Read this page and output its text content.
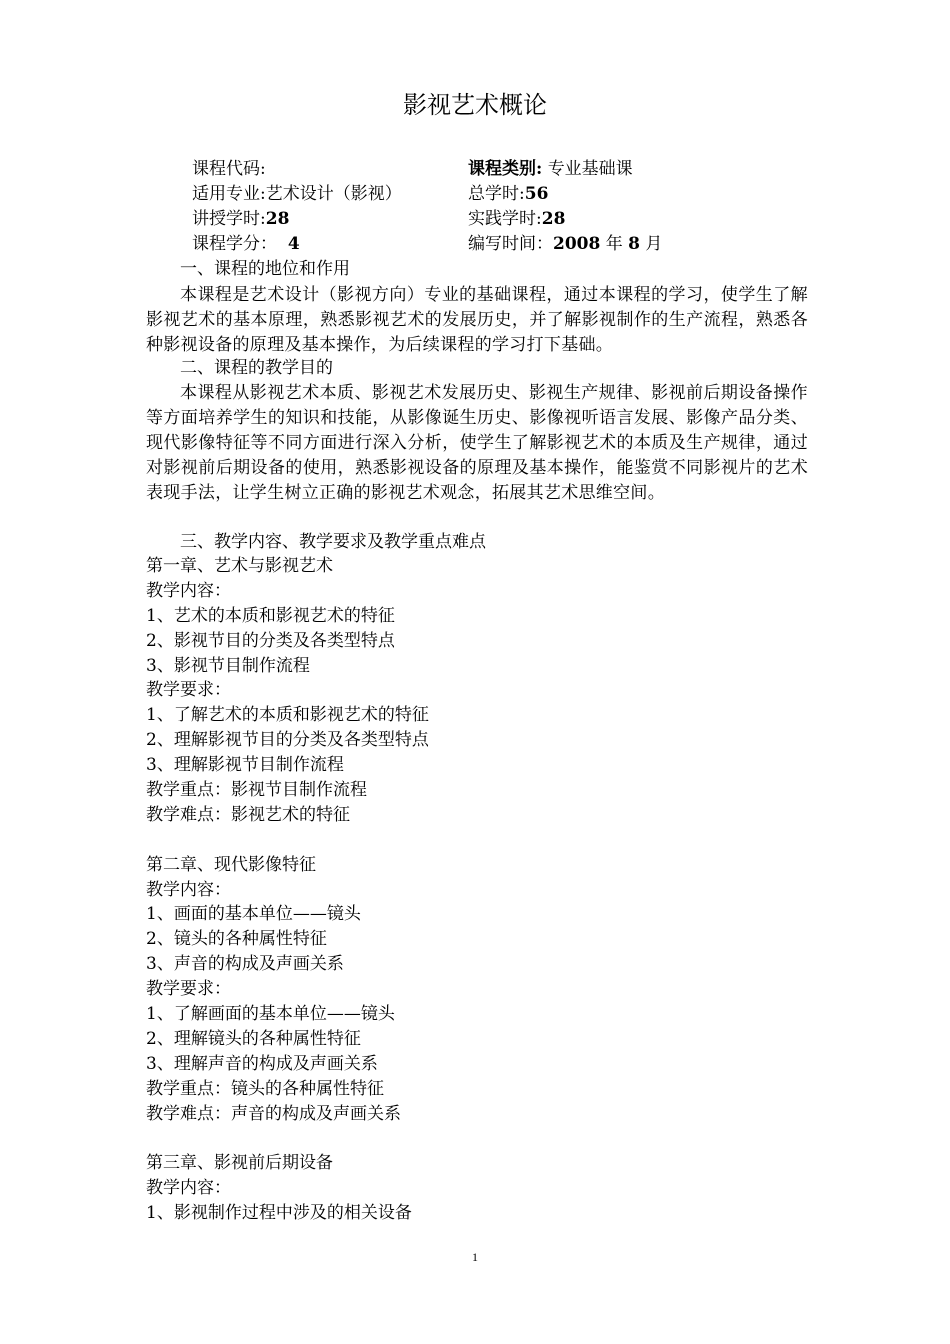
影视艺术概论
课程代码:	课程类别: 专业基础课
适用专业:艺术设计（影视）	总学时:56
讲授学时:28	实践学时:28
课程学分： 4	编写时间：2008 年 8 月
一、课程的地位和作用
本课程是艺术设计（影视方向）专业的基础课程，通过本课程的学习，使学生了解影视艺术的基本原理，熟悉影视艺术的发展历史，并了解影视制作的生产流程，熟悉各种影视设备的原理及基本操作，为后续课程的学习打下基础。
二、课程的教学目的
本课程从影视艺术本质、影视艺术发展历史、影视生产规律、影视前后期设备操作等方面培养学生的知识和技能，从影像诞生历史、影像视听语言发展、影像产品分类、现代影像特征等不同方面进行深入分析，使学生了解影视艺术的本质及生产规律，通过对影视前后期设备的使用，熟悉影视设备的原理及基本操作，能鉴赏不同影视片的艺术表现手法，让学生树立正确的影视艺术观念，拓展其艺术思维空间。
三、教学内容、教学要求及教学重点难点
第一章、艺术与影视艺术
教学内容：
1、艺术的本质和影视艺术的特征
2、影视节目的分类及各类型特点
3、影视节目制作流程
教学要求：
1、了解艺术的本质和影视艺术的特征
2、理解影视节目的分类及各类型特点
3、理解影视节目制作流程
教学重点：影视节目制作流程
教学难点：影视艺术的特征
第二章、现代影像特征
教学内容：
1、画面的基本单位——镜头
2、镜头的各种属性特征
3、声音的构成及声画关系
教学要求：
1、了解画面的基本单位——镜头
2、理解镜头的各种属性特征
3、理解声音的构成及声画关系
教学重点：镜头的各种属性特征
教学难点：声音的构成及声画关系
第三章、影视前后期设备
教学内容：
1、影视制作过程中涉及的相关设备
1
